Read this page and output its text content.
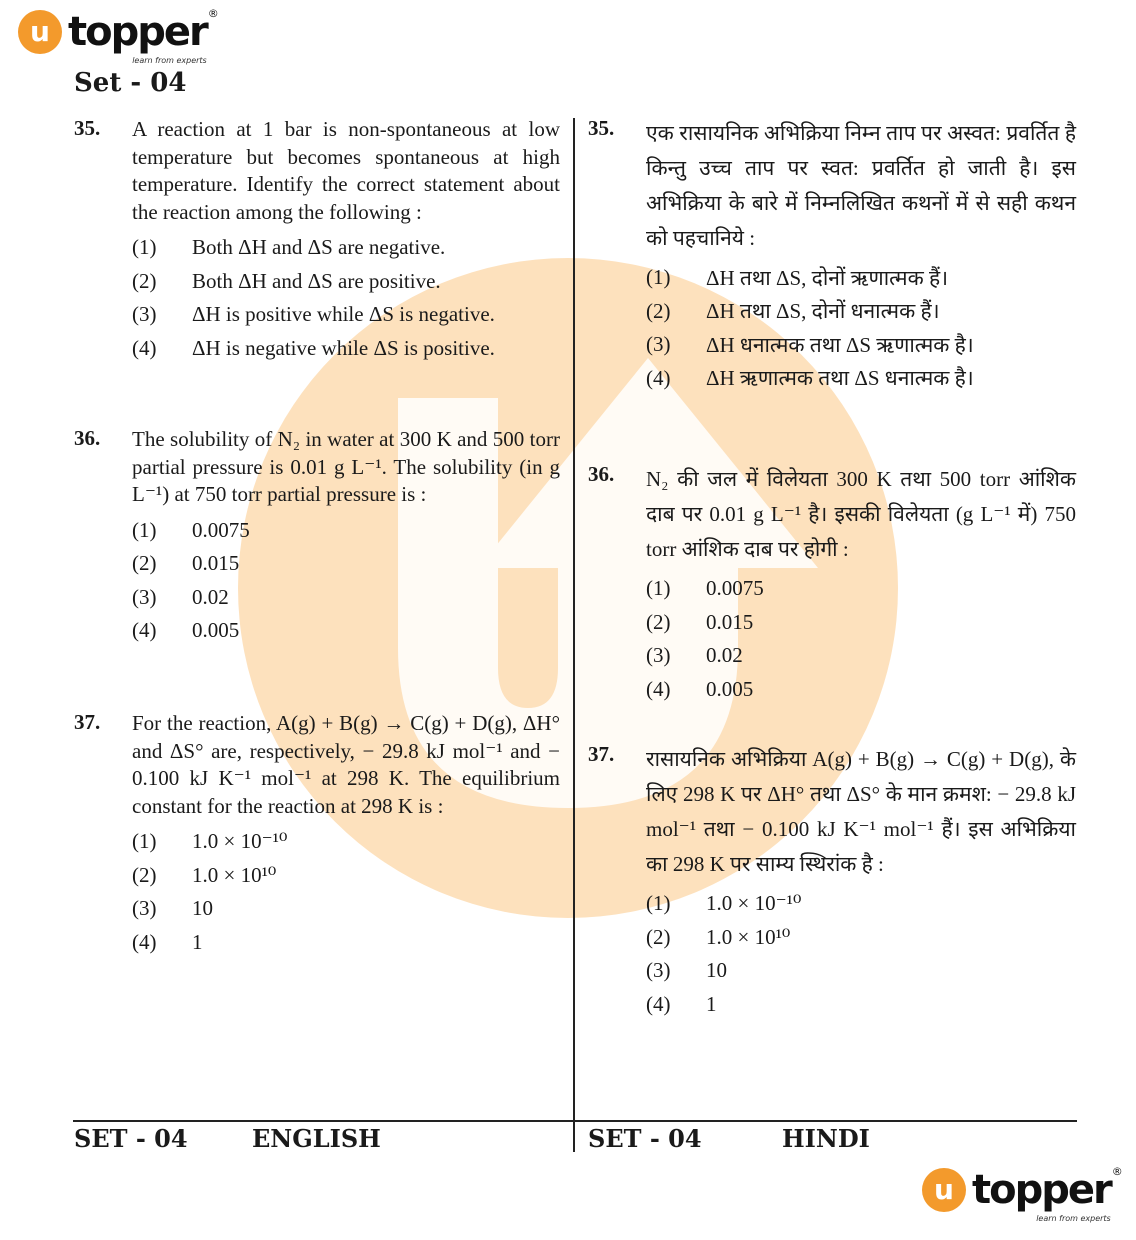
u topper ®
learn from experts
Set - 04
35. A reaction at 1 bar is non-spontaneous at low temperature but becomes spontaneous at high temperature. Identify the correct statement about the reaction among the following :
(1)	Both ΔH and ΔS are negative.
(2)	Both ΔH and ΔS are positive.
(3)	ΔH is positive while ΔS is negative.
(4)	ΔH is negative while ΔS is positive.
36. The solubility of N₂ in water at 300 K and 500 torr partial pressure is 0.01 g L⁻¹. The solubility (in g L⁻¹) at 750 torr partial pressure is :
(1)	0.0075
(2)	0.015
(3)	0.02
(4)	0.005
37. For the reaction, A(g) + B(g) → C(g) + D(g), ΔH° and ΔS° are, respectively, − 29.8 kJ mol⁻¹ and − 0.100 kJ K⁻¹ mol⁻¹ at 298 K. The equilibrium constant for the reaction at 298 K is :
(1)	1.0 × 10⁻¹⁰
(2)	1.0 × 10¹⁰
(3)	10
(4)	1
35. एक रासायनिक अभिक्रिया निम्न ताप पर अस्वत: प्रवर्तित है किन्तु उच्च ताप पर स्वत: प्रवर्तित हो जाती है। इस अभिक्रिया के बारे में निम्नलिखित कथनों में से सही कथन को पहचानिये :
(1)	ΔH तथा ΔS, दोनों ऋणात्मक हैं।
(2)	ΔH तथा ΔS, दोनों धनात्मक हैं।
(3)	ΔH धनात्मक तथा ΔS ऋणात्मक है।
(4)	ΔH ऋणात्मक तथा ΔS धनात्मक है।
36. N₂ की जल में विलेयता 300 K तथा 500 torr आंशिक दाब पर 0.01 g L⁻¹ है। इसकी विलेयता (g L⁻¹ में) 750 torr आंशिक दाब पर होगी :
(1)	0.0075
(2)	0.015
(3)	0.02
(4)	0.005
37. रासायनिक अभिक्रिया A(g) + B(g) → C(g) + D(g), के लिए 298 K पर ΔH° तथा ΔS° के मान क्रमश: − 29.8 kJ mol⁻¹ तथा − 0.100 kJ K⁻¹ mol⁻¹ हैं। इस अभिक्रिया का 298 K पर साम्य स्थिरांक है :
(1)	1.0 × 10⁻¹⁰
(2)	1.0 × 10¹⁰
(3)	10
(4)	1
SET - 04	ENGLISH	SET - 04	HINDI
u topper ®
learn from experts
